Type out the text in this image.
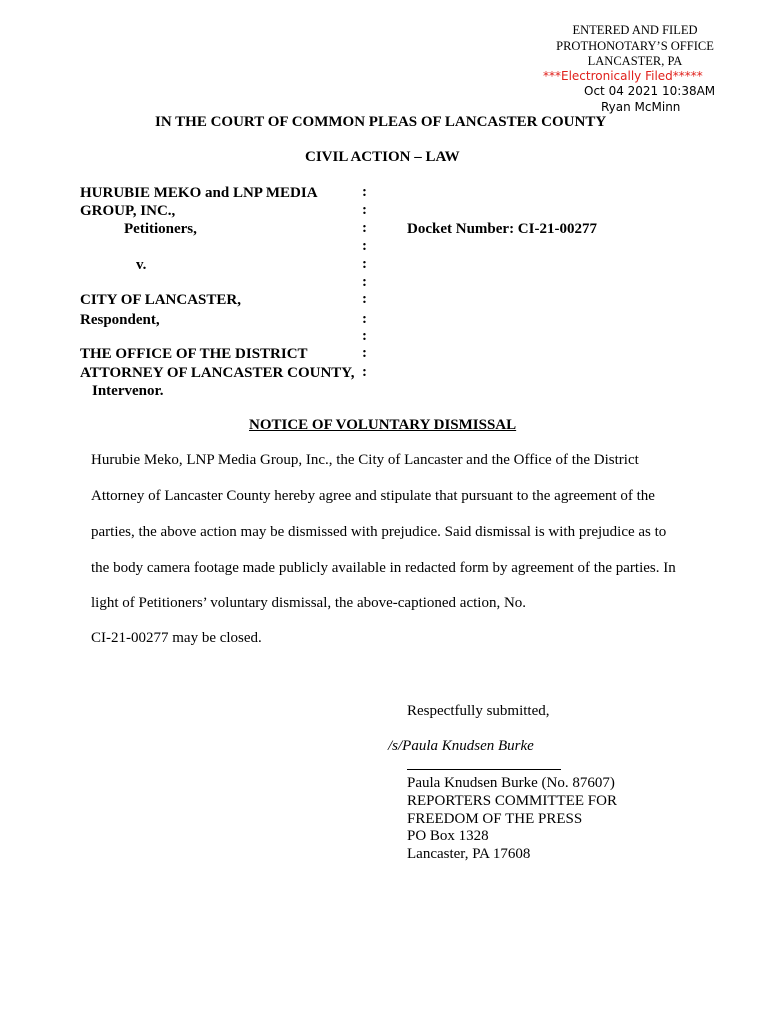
ENTERED AND FILED
PROTHONOTARY’S OFFICE
LANCASTER, PA
***Electronically Filed*****
Oct 04 2021 10:38AM
Ryan McMinn
IN THE COURT OF COMMON PLEAS OF LANCASTER COUNTY
CIVIL ACTION – LAW
HURUBIE MEKO and LNP MEDIA
GROUP, INC.,
Petitioners,
v.
CITY OF LANCASTER,
Respondent,
THE OFFICE OF THE DISTRICT
ATTORNEY OF LANCASTER COUNTY,
Intervenor.
:
:
:
:
:
:
:
:
:
:
:
Docket Number: CI-21-00277
NOTICE OF VOLUNTARY DISMISSAL
Hurubie Meko, LNP Media Group, Inc., the City of Lancaster and the Office of the District
Attorney of Lancaster County hereby agree and stipulate that pursuant to the agreement of the
parties, the above action may be dismissed with prejudice. Said dismissal is with prejudice as to
the body camera footage made publicly available in redacted form by agreement of the parties. In
light of Petitioners’ voluntary dismissal, the above-captioned action, No.
CI-21-00277 may be closed.
Respectfully submitted,
/s/Paula Knudsen Burke
Paula Knudsen Burke (No. 87607)
REPORTERS COMMITTEE FOR
FREEDOM OF THE PRESS
PO Box 1328
Lancaster, PA 17608
